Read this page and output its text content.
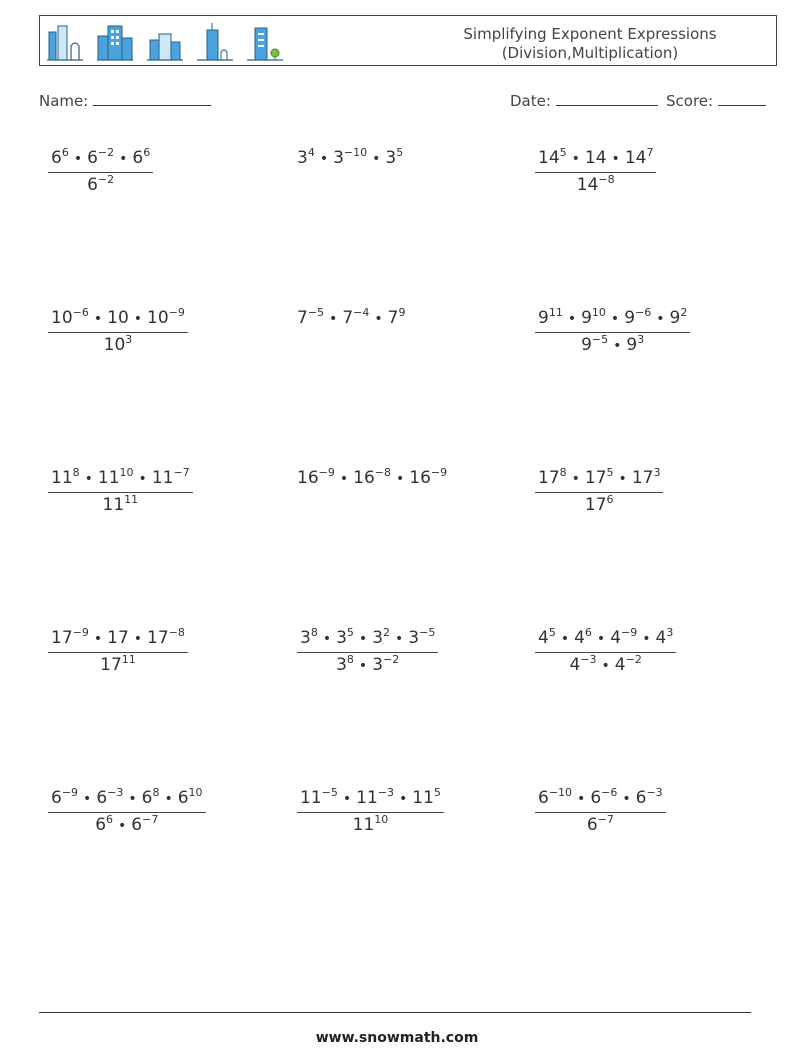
Simplifying Exponent Expressions
(Division,Multiplication)
Name:	Date:	Score:
$\frac{6^6 • 6^{-2} • 6^6}{6^{-2}}$	$3^4$ • $3^{-10}$ • $3^5$	$\frac{14^5 • 14 • 14^7}{14^{-8}}$
$\frac{10^{-6} • 10 • 10^{-9}}{10^3}$	$7^{-5}$ • $7^{-4}$ • $7^9$	$\frac{9^{11} • 9^{10} • 9^{-6} • 9^2}{9^{-5} • 9^3}$
$\frac{11^8 • 11^{10} • 11^{-7}}{11^{11}}$	$16^{-9}$ • $16^{-8}$ • $16^{-9}$	$\frac{17^8 • 17^5 • 17^3}{17^6}$
$\frac{17^{-9} • 17 • 17^{-8}}{17^{11}}$	$\frac{3^8 • 3^5 • 3^2 • 3^{-5}}{3^8 • 3^{-2}}$	$\frac{4^5 • 4^6 • 4^{-9} • 4^3}{4^{-3} • 4^{-2}}$
$\frac{6^{-9} • 6^{-3} • 6^8 • 6^{10}}{6^6 • 6^{-7}}$	$\frac{11^{-5} • 11^{-3} • 11^5}{11^{10}}$	$\frac{6^{-10} • 6^{-6} • 6^{-3}}{6^{-7}}$
www.snowmath.com
